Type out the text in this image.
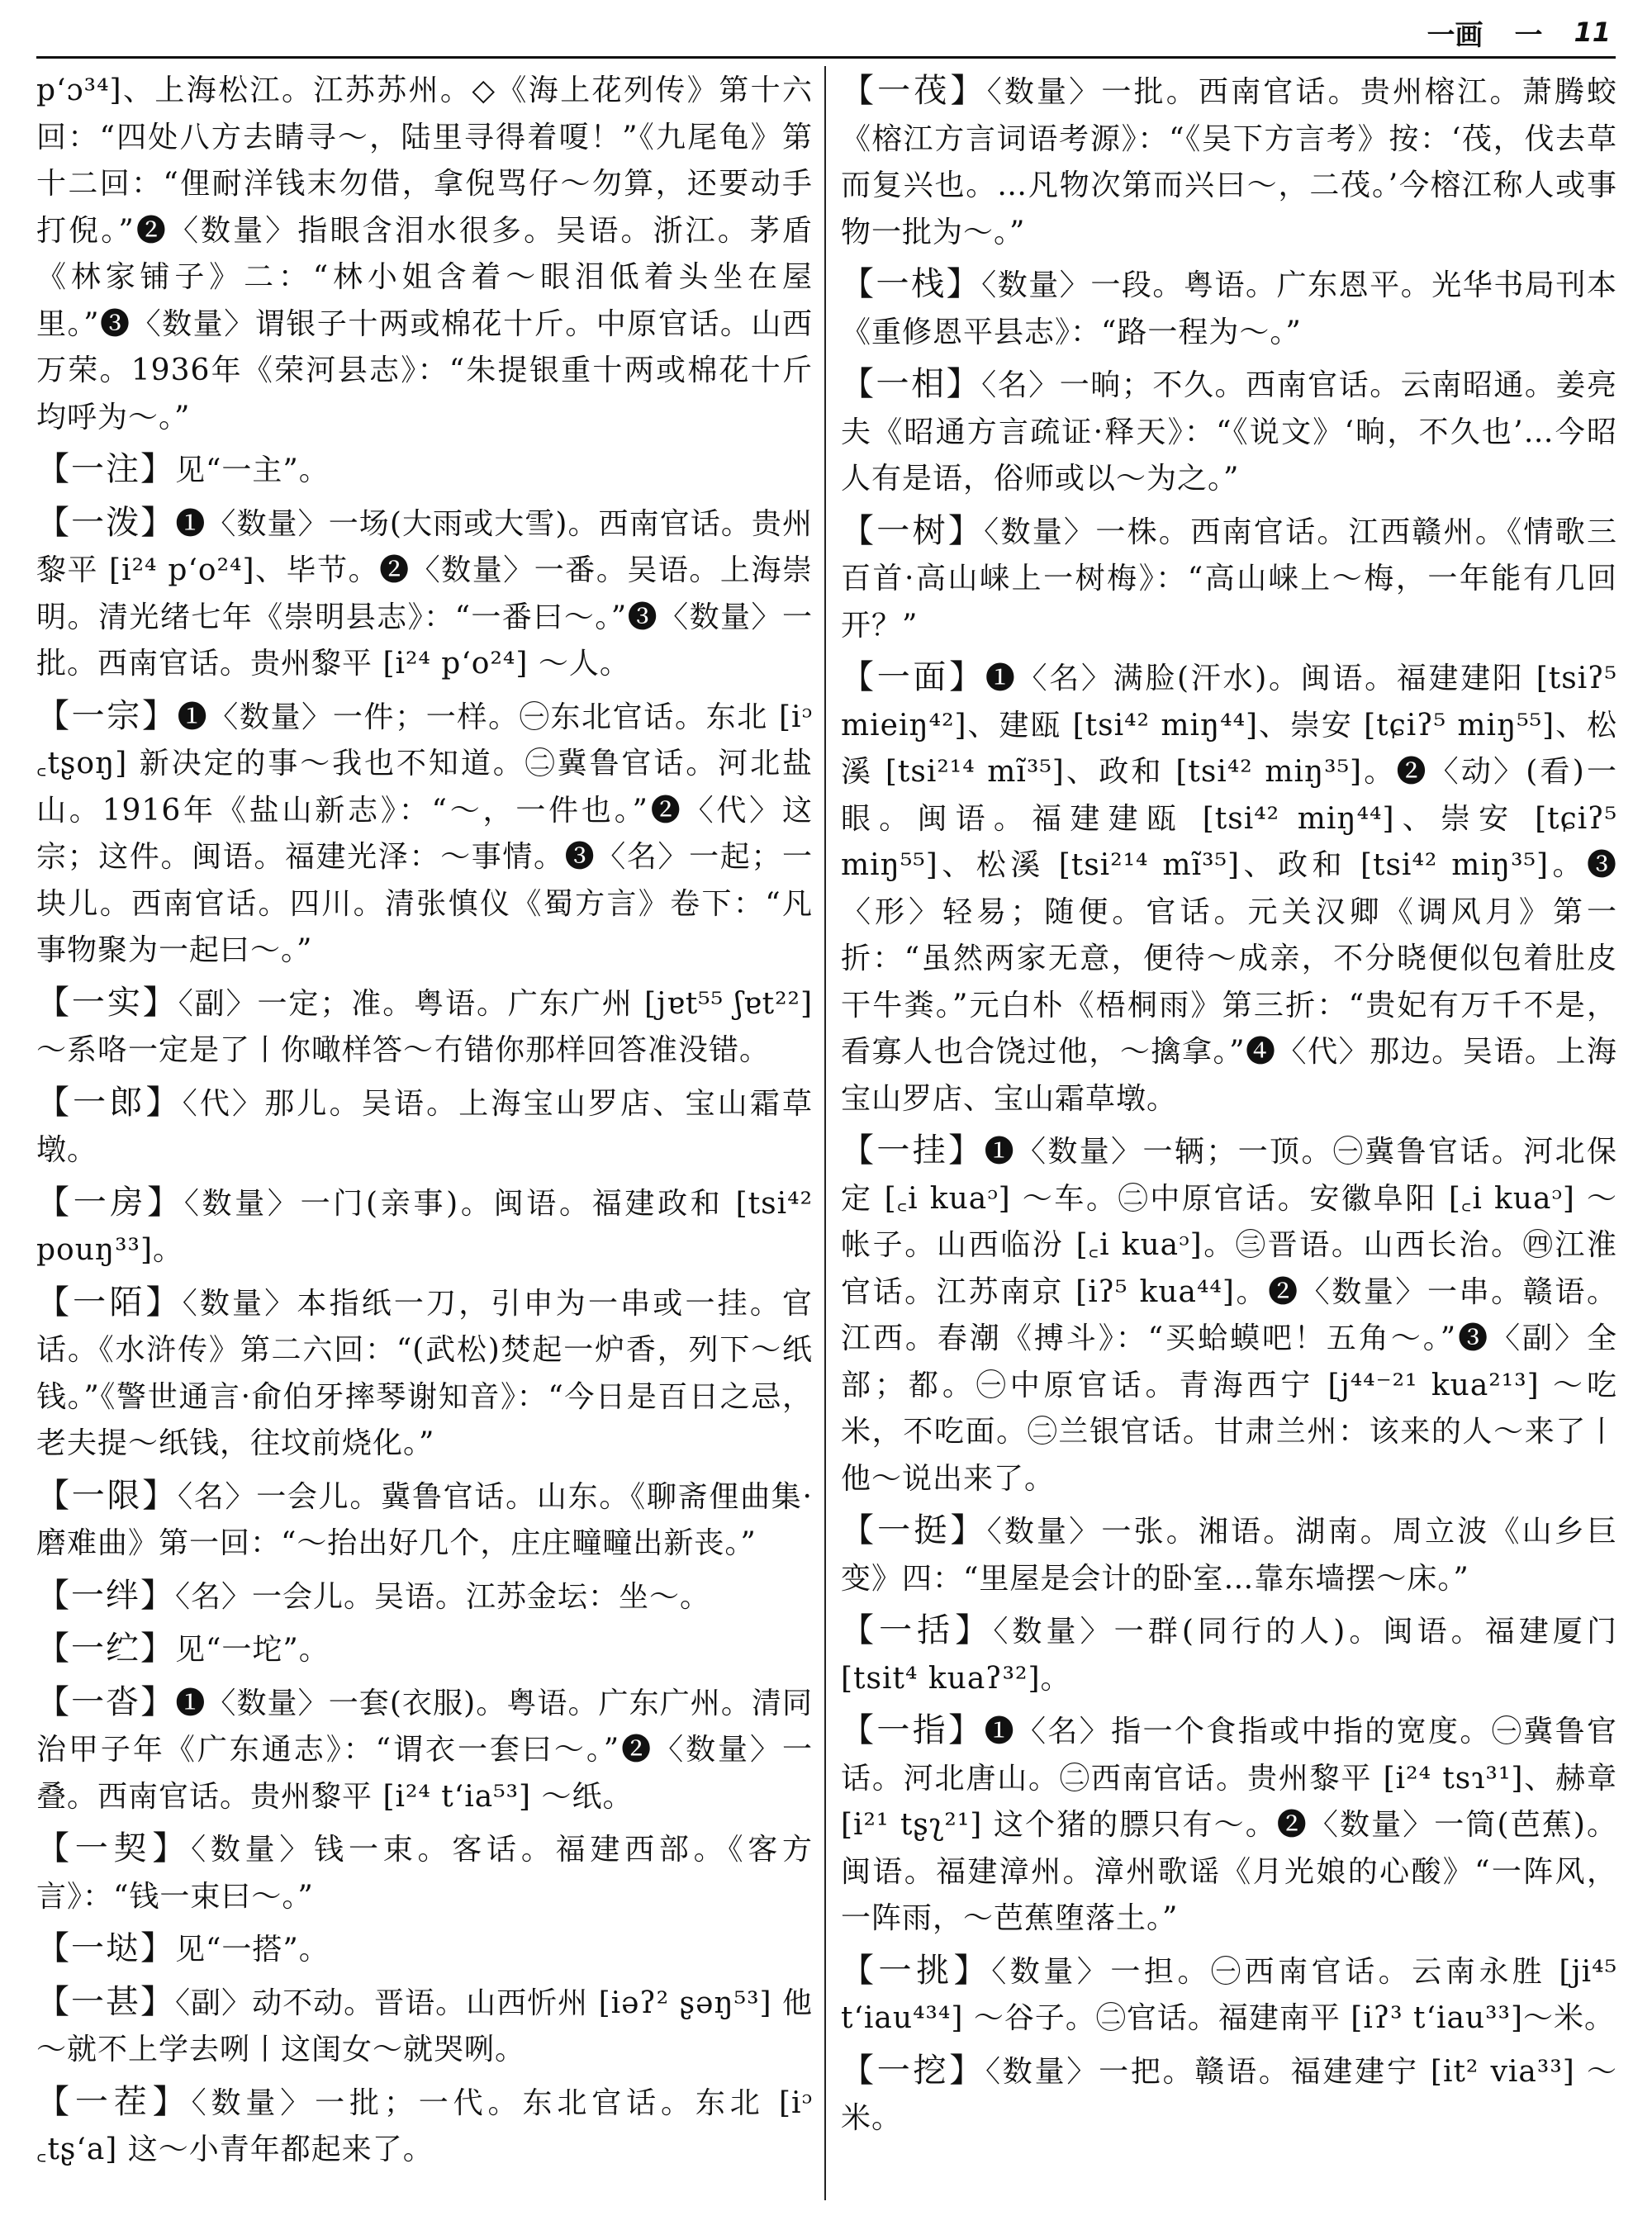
一画 一 11

p‘ɔ³⁴]、上海松江。江苏苏州。◇《海上花列传》第十六回：“四处八方去睛寻～，陆里寻得着嗄！”《九尾龟》第十二回：“俚耐洋钱末勿借，拿倪骂仔～勿算，还要动手打倪。”❷〈数量〉指眼含泪水很多。吴语。浙江。茅盾《林家铺子》二：“林小姐含着～眼泪低着头坐在屋里。”❸〈数量〉谓银子十两或棉花十斤。中原官话。山西万荣。1936年《荣河县志》：“朱提银重十两或棉花十斤均呼为～。”

【一注】见“一主”。

【一泼】❶〈数量〉一场(大雨或大雪)。西南官话。贵州黎平 [i²⁴ p‘o²⁴]、毕节。❷〈数量〉一番。吴语。上海崇明。清光绪七年《崇明县志》：“一番曰～。”❸〈数量〉一批。西南官话。贵州黎平 [i²⁴ p‘o²⁴] ～人。

【一宗】❶〈数量〉一件；一样。㊀东北官话。东北 [iᵓ ꜀tʂoŋ] 新决定的事～我也不知道。㊁冀鲁官话。河北盐山。1916年《盐山新志》：“～，一件也。”❷〈代〉这宗；这件。闽语。福建光泽：～事情。❸〈名〉一起；一块儿。西南官话。四川。清张慎仪《蜀方言》卷下：“凡事物聚为一起曰～。”

【一实】〈副〉一定；准。粤语。广东广州 [jɐt⁵⁵ ʃɐt²²] ～系咯一定是了丨你噉样答～冇错你那样回答准没错。

【一郎】〈代〉那儿。吴语。上海宝山罗店、宝山霜草墩。

【一房】〈数量〉一门(亲事)。闽语。福建政和 [tsi⁴² pouŋ³³]。

【一陌】〈数量〉本指纸一刀，引申为一串或一挂。官话。《水浒传》第二六回：“(武松)焚起一炉香，列下～纸钱。”《警世通言·俞伯牙摔琴谢知音》：“今日是百日之忌，老夫提～纸钱，往坟前烧化。”

【一限】〈名〉一会儿。冀鲁官话。山东。《聊斋俚曲集·磨难曲》第一回：“～抬出好几个，庄庄疃疃出新丧。”

【一绊】〈名〉一会儿。吴语。江苏金坛：坐～。

【一纻】见“一坨”。

【一沓】❶〈数量〉一套(衣服)。粤语。广东广州。清同治甲子年《广东通志》：“谓衣一套曰～。”❷〈数量〉一叠。西南官话。贵州黎平 [i²⁴ t‘ia⁵³] ～纸。

【一契】〈数量〉钱一束。客话。福建西部。《客方言》：“钱一束曰～。”

【一垯】见“一搭”。

【一甚】〈副〉动不动。晋语。山西忻州 [iəʔ² ʂəŋ⁵³] 他～就不上学去咧丨这闺女～就哭咧。

【一茬】〈数量〉一批；一代。东北官话。东北 [iᵓ ꜀tʂ‘a] 这～小青年都起来了。

【一茷】〈数量〉一批。西南官话。贵州榕江。萧腾蛟《榕江方言词语考源》：“《吴下方言考》按：‘茷，伐去草而复兴也。…凡物次第而兴曰～，二茷。’今榕江称人或事物一批为～。”

【一栈】〈数量〉一段。粤语。广东恩平。光华书局刊本《重修恩平县志》：“路一程为～。”

【一相】〈名〉一晌；不久。西南官话。云南昭通。姜亮夫《昭通方言疏证·释天》：“《说文》‘晌，不久也’…今昭人有是语，俗师或以～为之。”

【一树】〈数量〉一株。西南官话。江西赣州。《情歌三百首·高山崃上一树梅》：“高山崃上～梅，一年能有几回开？”

【一面】❶〈名〉满脸(汗水)。闽语。福建建阳 [tsiʔ⁵ mieiŋ⁴²]、建瓯 [tsi⁴² miŋ⁴⁴]、崇安 [tɕiʔ⁵ miŋ⁵⁵]、松溪 [tsi²¹⁴ mĩ³⁵]、政和 [tsi⁴² miŋ³⁵]。❷〈动〉(看)一眼。闽语。福建建瓯 [tsi⁴² miŋ⁴⁴]、崇安 [tɕiʔ⁵ miŋ⁵⁵]、松溪 [tsi²¹⁴ mĩ³⁵]、政和 [tsi⁴² miŋ³⁵]。❸〈形〉轻易；随便。官话。元关汉卿《调风月》第一折：“虽然两家无意，便待～成亲，不分晓便似包着肚皮干牛粪。”元白朴《梧桐雨》第三折：“贵妃有万千不是，看寡人也合饶过他，～擒拿。”❹〈代〉那边。吴语。上海宝山罗店、宝山霜草墩。

【一挂】❶〈数量〉一辆；一顶。㊀冀鲁官话。河北保定 [꜀i kuaᵓ] ～车。㊁中原官话。安徽阜阳 [꜀i kuaᵓ] ～帐子。山西临汾 [꜀i kuaᵓ]。㊂晋语。山西长治。㊃江淮官话。江苏南京 [iʔ⁵ kua⁴⁴]。❷〈数量〉一串。赣语。江西。春潮《搏斗》：“买蛤蟆吧！五角～。”❸〈副〉全部；都。㊀中原官话。青海西宁 [j⁴⁴⁻²¹ kua²¹³] ～吃米，不吃面。㊁兰银官话。甘肃兰州：该来的人～来了丨他～说出来了。

【一挺】〈数量〉一张。湘语。湖南。周立波《山乡巨变》四：“里屋是会计的卧室…靠东墙摆～床。”

【一括】〈数量〉一群(同行的人)。闽语。福建厦门 [tsit⁴ kuaʔ³²]。

【一指】❶〈名〉指一个食指或中指的宽度。㊀冀鲁官话。河北唐山。㊁西南官话。贵州黎平 [i²⁴ tsɿ³¹]、赫章 [i²¹ tʂʅ²¹] 这个猪的膘只有～。❷〈数量〉一筒(芭蕉)。闽语。福建漳州。漳州歌谣《月光娘的心酸》“一阵风，一阵雨，～芭蕉堕落土。”

【一挑】〈数量〉一担。㊀西南官话。云南永胜 [ji⁴⁵ t‘iau⁴³⁴] ～谷子。㊁官话。福建南平 [iʔ³ t‘iau³³]～米。

【一挖】〈数量〉一把。赣语。福建建宁 [it² via³³] ～米。
